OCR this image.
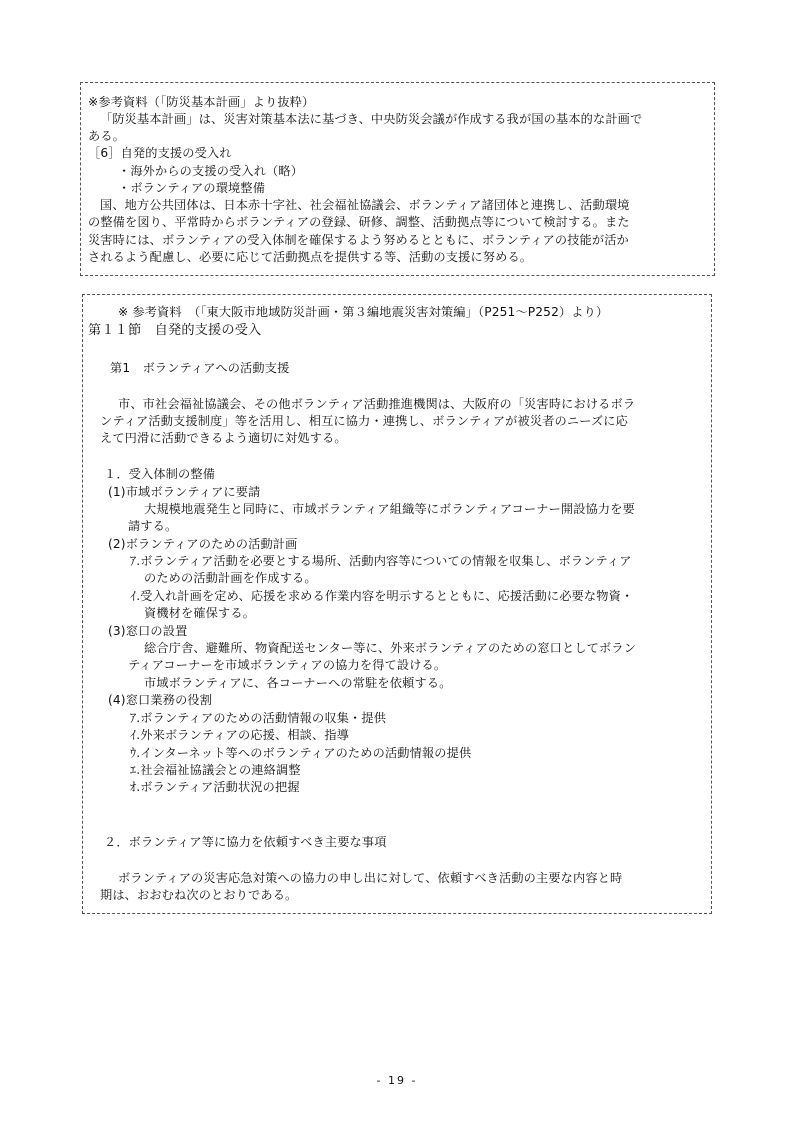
※参考資料（「防災基本計画」より抜粋）
「防災基本計画」は、災害対策基本法に基づき、中央防災会議が作成する我が国の基本的な計画で
ある。
［6］自発的支援の受入れ
・海外からの支援の受入れ（略）
・ボランティアの環境整備
国、地方公共団体は、日本赤十字社、社会福祉協議会、ボランティア諸団体と連携し、活動環境
の整備を図り、平常時からボランティアの登録、研修、調整、活動拠点等について検討する。また
災害時には、ボランティアの受入体制を確保するよう努めるとともに、ボランティアの技能が活か
されるよう配慮し、必要に応じて活動拠点を提供する等、活動の支援に努める。
※ 参考資料　（「東大阪市地域防災計画・第３編地震災害対策編」（P251～P252）より）
第１１節　自発的支援の受入
第1　ボランティアへの活動支援
市、市社会福祉協議会、その他ボランティア活動推進機関は、大阪府の「災害時におけるボラ
ンティア活動支援制度」等を活用し、相互に協力・連携し、ボランティアが被災者のニーズに応
えて円滑に活動できるよう適切に対処する。
１．受入体制の整備
(1)市域ボランティアに要請
大規模地震発生と同時に、市域ボランティア組織等にボランティアコーナー開設協力を要
請する。
(2)ボランティアのための活動計画
ｱ.ボランティア活動を必要とする場所、活動内容等についての情報を収集し、ボランティア
のための活動計画を作成する。
ｲ.受入れ計画を定め、応援を求める作業内容を明示するとともに、応援活動に必要な物資・
資機材を確保する。
(3)窓口の設置
総合庁舎、避難所、物資配送センター等に、外来ボランティアのための窓口としてボラン
ティアコーナーを市域ボランティアの協力を得て設ける。
市域ボランティアに、各コーナーへの常駐を依頼する。
(4)窓口業務の役割
ｱ.ボランティアのための活動情報の収集・提供
ｲ.外来ボランティアの応援、相談、指導
ｳ.インターネット等へのボランティアのための活動情報の提供
ｴ.社会福祉協議会との連絡調整
ｵ.ボランティア活動状況の把握
２．ボランティア等に協力を依頼すべき主要な事項
ボランティアの災害応急対策への協力の申し出に対して、依頼すべき活動の主要な内容と時
期は、おおむね次のとおりである。
- 19 -
